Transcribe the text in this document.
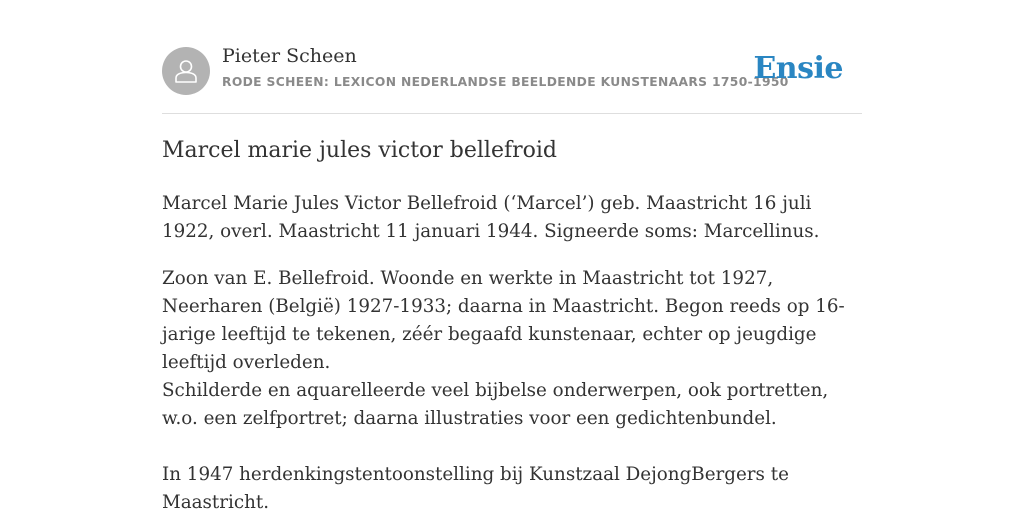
Pieter Scheen
RODE SCHEEN: LEXICON NEDERLANDSE BEELDENDE KUNSTENAARS 1750-1950
Ensie
Marcel marie jules victor bellefroid

Marcel Marie Jules Victor Bellefroid (‘Marcel’) geb. Maastricht 16 juli 1922, overl. Maastricht 11 januari 1944. Signeerde soms: Marcellinus.

Zoon van E. Bellefroid. Woonde en werkte in Maastricht tot 1927, Neerharen (België) 1927-1933; daarna in Maastricht. Begon reeds op 16-jarige leeftijd te tekenen, zéér begaafd kunstenaar, echter op jeugdige leeftijd overleden.

Schilderde en aquarelleerde veel bijbelse onderwerpen, ook portretten, w.o. een zelfportret; daarna illustraties voor een gedichtenbundel.

In 1947 herdenkingstentoonstelling bij Kunstzaal DejongBergers te Maastricht.
